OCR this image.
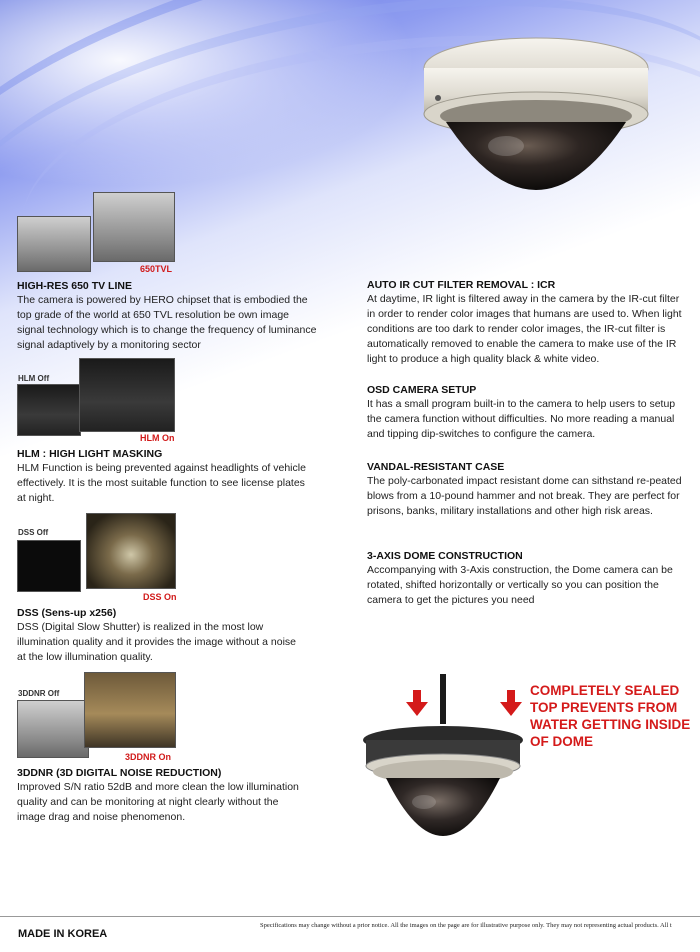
650TVL
HIGH-RES 650 TV LINE
The camera is powered by HERO chipset that is embodied the top grade of the world at 650 TVL resolution be own image signal technology which is to change the frequency of luminance signal adaptively by a monitoring sector
HLM Off
HLM On
HLM : HIGH LIGHT MASKING
HLM Function is being prevented against headlights of vehicle effectively. It is the most suitable function to see license plates at night.
DSS Off
DSS On
DSS (Sens-up x256)
DSS (Digital Slow Shutter) is realized in the most low illumination quality and it provides the image without a noise at the low illumination quality.
3DDNR Off
3DDNR On
3DDNR (3D DIGITAL NOISE REDUCTION)
Improved S/N ratio 52dB and more clean the low illumination quality and can be monitoring at night clearly without the image drag and noise phenomenon.
AUTO IR CUT FILTER REMOVAL : ICR
At daytime, IR light is filtered away in the camera by the IR-cut filter in order to render color images that humans are used to. When light conditions are too dark to render color images, the IR-cut filter is automatically removed to enable the camera to make use of the IR light to produce a high quality black & white video.
OSD CAMERA SETUP
It has a small program built-in to the camera to help users to setup the camera function without difficulties. No more reading a manual and tipping dip-switches to configure the camera.
VANDAL-RESISTANT CASE
The poly-carbonated impact resistant dome can sithstand re-peated blows from a 10-pound hammer and not break. They are perfect for prisons, banks, military installations and other high risk areas.
3-AXIS DOME CONSTRUCTION
Accompanying with 3-Axis construction, the Dome camera can be rotated, shifted horizontally or vertically so you can position the camera to get the pictures you need
COMPLETELY SEALED TOP PREVENTS FROM WATER GETTING INSIDE OF DOME
MADE IN KOREA
Specifications may change without a prior notice. All the images on the page are for illustrative purpose only. They may not representing actual products. All t
